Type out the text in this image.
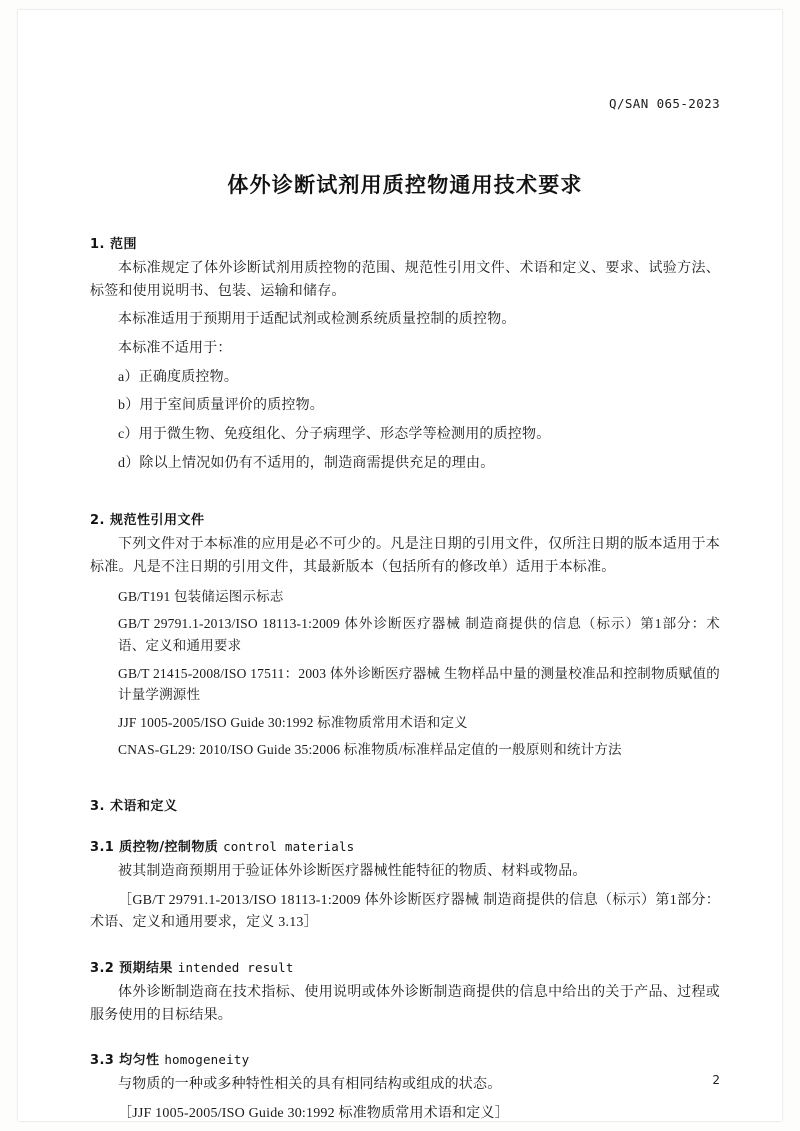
Q/SAN 065-2023
体外诊断试剂用质控物通用技术要求
1. 范围

本标准规定了体外诊断试剂用质控物的范围、规范性引用文件、术语和定义、要求、试验方法、标签和使用说明书、包装、运输和储存。

本标准适用于预期用于适配试剂或检测系统质量控制的质控物。

本标准不适用于：

a）正确度质控物。

b）用于室间质量评价的质控物。

c）用于微生物、免疫组化、分子病理学、形态学等检测用的质控物。

d）除以上情况如仍有不适用的，制造商需提供充足的理由。

2. 规范性引用文件

下列文件对于本标准的应用是必不可少的。凡是注日期的引用文件，仅所注日期的版本适用于本标准。凡是不注日期的引用文件，其最新版本（包括所有的修改单）适用于本标准。

GB/T191 包装储运图示标志

GB/T 29791.1-2013/ISO 18113-1:2009 体外诊断医疗器械 制造商提供的信息（标示）第1部分：术语、定义和通用要求

GB/T 21415-2008/ISO 17511：2003 体外诊断医疗器械 生物样品中量的测量校准品和控制物质赋值的计量学溯源性

JJF 1005-2005/ISO Guide 30:1992 标准物质常用术语和定义

CNAS-GL29: 2010/ISO Guide 35:2006 标准物质/标准样品定值的一般原则和统计方法

3. 术语和定义
3.1 质控物/控制物质 control materials

被其制造商预期用于验证体外诊断医疗器械性能特征的物质、材料或物品。

［GB/T 29791.1-2013/ISO 18113-1:2009 体外诊断医疗器械 制造商提供的信息（标示）第1部分：术语、定义和通用要求，定义 3.13］

3.2 预期结果 intended result

体外诊断制造商在技术指标、使用说明或体外诊断制造商提供的信息中给出的关于产品、过程或服务使用的目标结果。

3.3 均匀性 homogeneity

与物质的一种或多种特性相关的具有相同结构或组成的状态。

［JJF 1005-2005/ISO Guide 30:1992 标准物质常用术语和定义］

2
